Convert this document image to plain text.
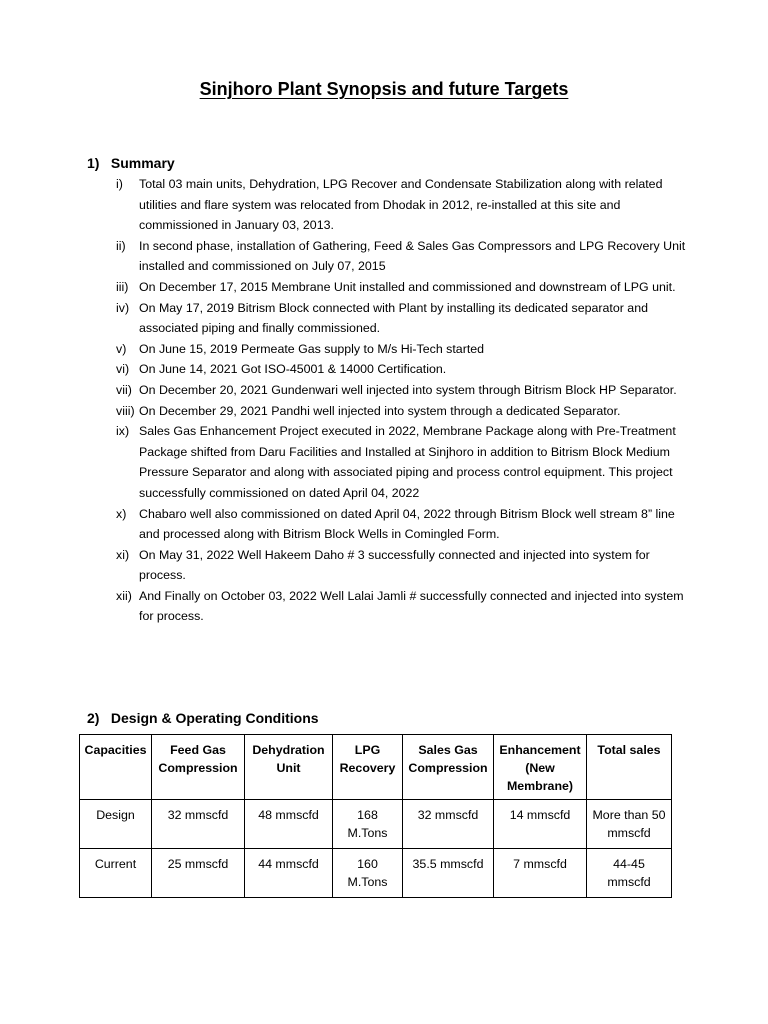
Sinjhoro Plant Synopsis and future Targets
1) Summary
i) Total 03 main units, Dehydration, LPG Recover and Condensate Stabilization along with related utilities and flare system was relocated from Dhodak in 2012, re-installed at this site and commissioned in January 03, 2013.
ii) In second phase, installation of Gathering, Feed & Sales Gas Compressors and LPG Recovery Unit installed and commissioned on July 07, 2015
iii) On December 17, 2015 Membrane Unit installed and commissioned and downstream of LPG unit.
iv) On May 17, 2019 Bitrism Block connected with Plant by installing its dedicated separator and associated piping and finally commissioned.
v) On June 15, 2019 Permeate Gas supply to M/s Hi-Tech started
vi) On June 14, 2021 Got ISO-45001 & 14000 Certification.
vii) On December 20, 2021 Gundenwari well injected into system through Bitrism Block HP Separator.
viii) On December 29, 2021 Pandhi well injected into system through a dedicated Separator.
ix) Sales Gas Enhancement Project executed in 2022, Membrane Package along with Pre-Treatment Package shifted from Daru Facilities and Installed at Sinjhoro in addition to Bitrism Block Medium Pressure Separator and along with associated piping and process control equipment. This project successfully commissioned on dated April 04, 2022
x) Chabaro well also commissioned on dated April 04, 2022 through Bitrism Block well stream 8” line and processed along with Bitrism Block Wells in Comingled Form.
xi) On May 31, 2022 Well Hakeem Daho # 3 successfully connected and injected into system for process.
xii) And Finally on October 03, 2022 Well Lalai Jamli # successfully connected and injected into system for process.
2) Design & Operating Conditions
Capacities	Feed Gas Compression	Dehydration Unit	LPG Recovery	Sales Gas Compression	Enhancement (New Membrane)	Total sales
Design	32 mmscfd	48 mmscfd	168 M.Tons	32 mmscfd	14 mmscfd	More than 50 mmscfd
Current	25 mmscfd	44 mmscfd	160 M.Tons	35.5 mmscfd	7 mmscfd	44-45 mmscfd
